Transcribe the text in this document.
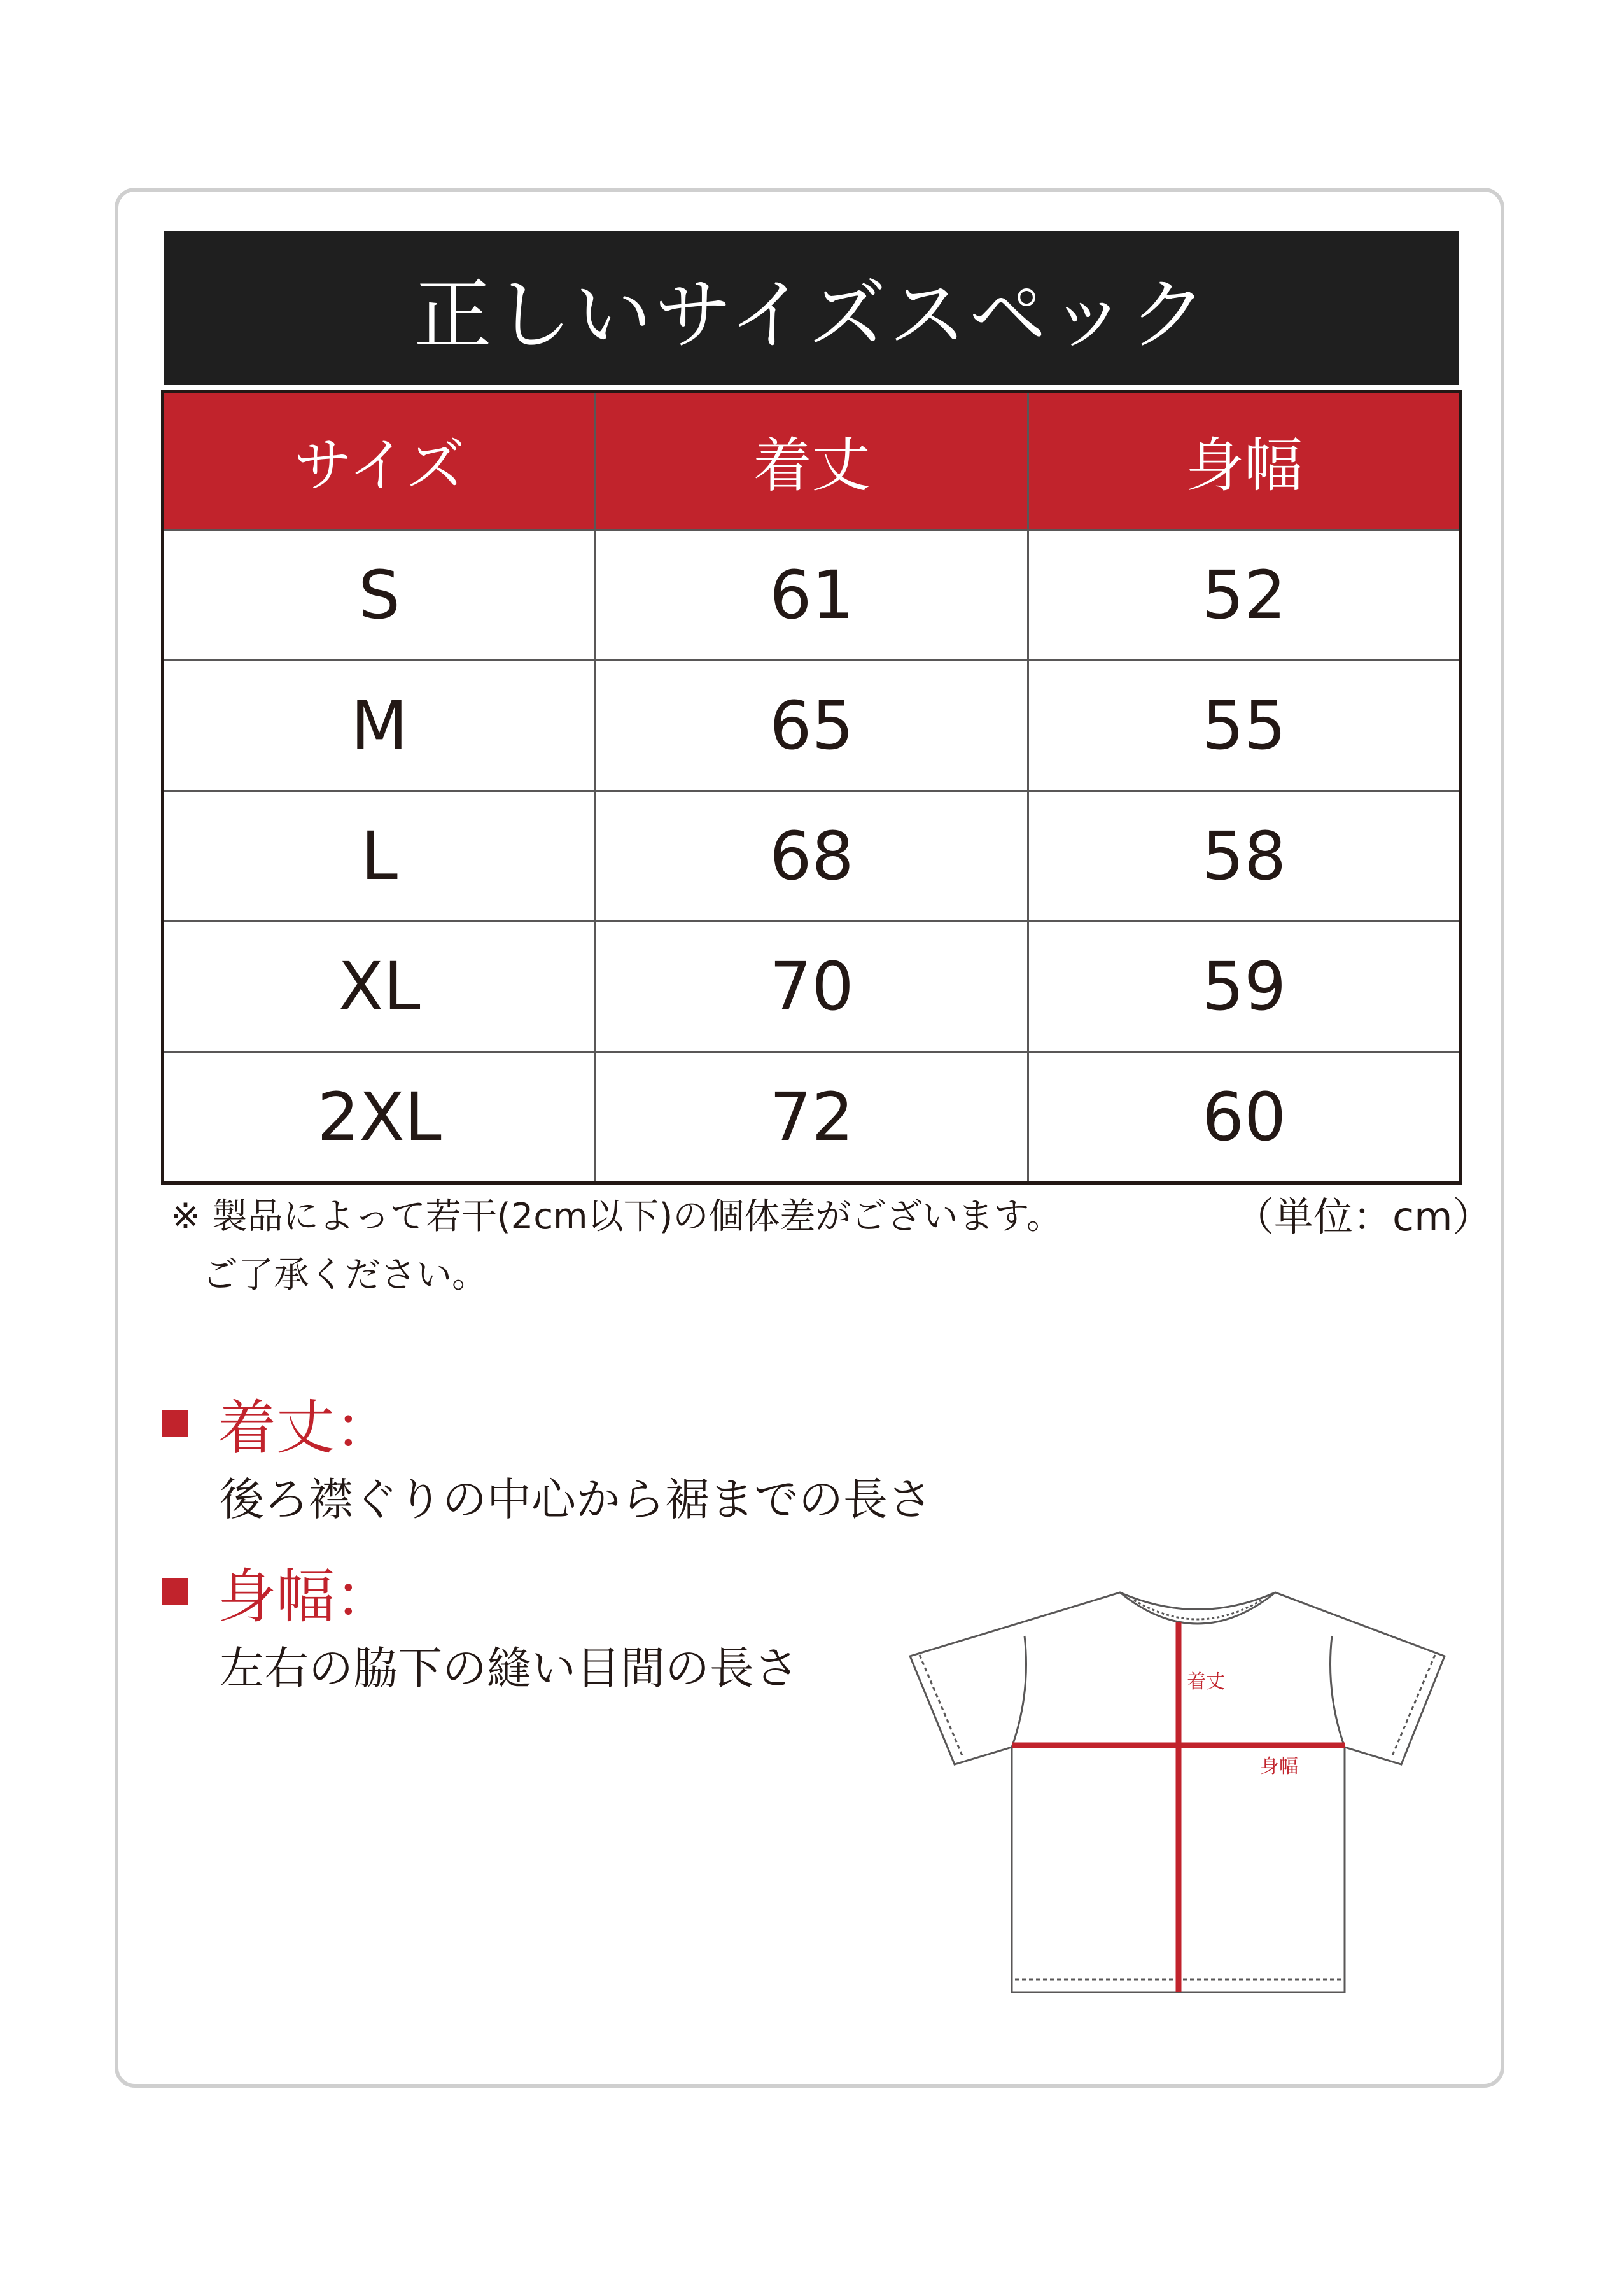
正しいサイズスペック
サイズ	着丈	身幅
S	61	52
M	65	55
L	68	58
XL	70	59
2XL	72	60
※ 製品によって若干(2cm以下)の個体差がございます。
ご了承ください。
（単位：cm）
着丈：
後ろ襟ぐりの中心から裾までの長さ
身幅：
左右の脇下の縫い目間の長さ	着丈
身幅
